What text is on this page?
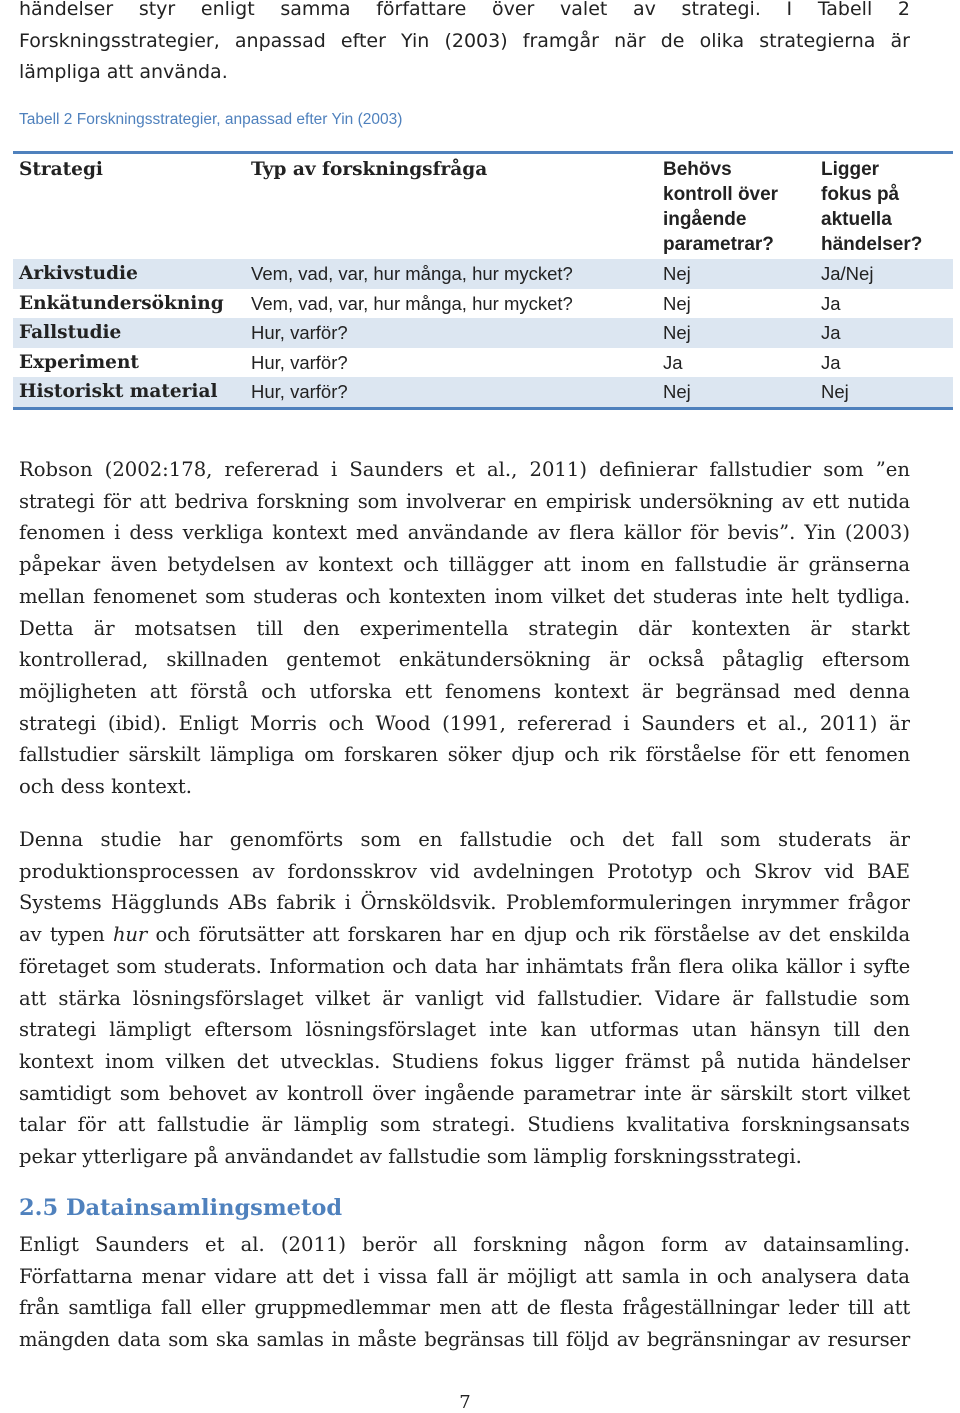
händelser styr enligt samma författare över valet av strategi. I Tabell 2
Forskningsstrategier, anpassad efter Yin (2003) framgår när de olika strategierna är
lämpliga att använda.

Tabell 2 Forskningsstrategier, anpassad efter Yin (2003)
Strategi	Typ av forskningsfråga	Behövs
kontroll över
ingående
parametrar?	Ligger
fokus på
aktuella
händelser?
Arkivstudie	Vem, vad, var, hur många, hur mycket?	Nej	Ja/Nej
Enkätundersökning	Vem, vad, var, hur många, hur mycket?	Nej	Ja
Fallstudie	Hur, varför?	Nej	Ja
Experiment	Hur, varför?	Ja	Ja
Historiskt material	Hur, varför?	Nej	Nej

Robson (2002:178, refererad i Saunders et al., 2011) definierar fallstudier som ”en
strategi för att bedriva forskning som involverar en empirisk undersökning av ett nutida
fenomen i dess verkliga kontext med användande av flera källor för bevis”. Yin (2003)
påpekar även betydelsen av kontext och tillägger att inom en fallstudie är gränserna
mellan fenomenet som studeras och kontexten inom vilket det studeras inte helt tydliga.
Detta är motsatsen till den experimentella strategin där kontexten är starkt
kontrollerad, skillnaden gentemot enkätundersökning är också påtaglig eftersom
möjligheten att förstå och utforska ett fenomens kontext är begränsad med denna
strategi (ibid). Enligt Morris och Wood (1991, refererad i Saunders et al., 2011) är
fallstudier särskilt lämpliga om forskaren söker djup och rik förståelse för ett fenomen
och dess kontext.

Denna studie har genomförts som en fallstudie och det fall som studerats är
produktionsprocessen av fordonsskrov vid avdelningen Prototyp och Skrov vid BAE
Systems Hägglunds ABs fabrik i Örnsköldsvik. Problemformuleringen inrymmer frågor
av typen hur och förutsätter att forskaren har en djup och rik förståelse av det enskilda
företaget som studerats. Information och data har inhämtats från flera olika källor i syfte
att stärka lösningsförslaget vilket är vanligt vid fallstudier. Vidare är fallstudie som
strategi lämpligt eftersom lösningsförslaget inte kan utformas utan hänsyn till den
kontext inom vilken det utvecklas. Studiens fokus ligger främst på nutida händelser
samtidigt som behovet av kontroll över ingående parametrar inte är särskilt stort vilket
talar för att fallstudie är lämplig som strategi. Studiens kvalitativa forskningsansats
pekar ytterligare på användandet av fallstudie som lämplig forskningsstrategi.

2.5 Datainsamlingsmetod

Enligt Saunders et al. (2011) berör all forskning någon form av datainsamling.
Författarna menar vidare att det i vissa fall är möjligt att samla in och analysera data
från samtliga fall eller gruppmedlemmar men att de flesta frågeställningar leder till att
mängden data som ska samlas in måste begränsas till följd av begränsningar av resurser

7
